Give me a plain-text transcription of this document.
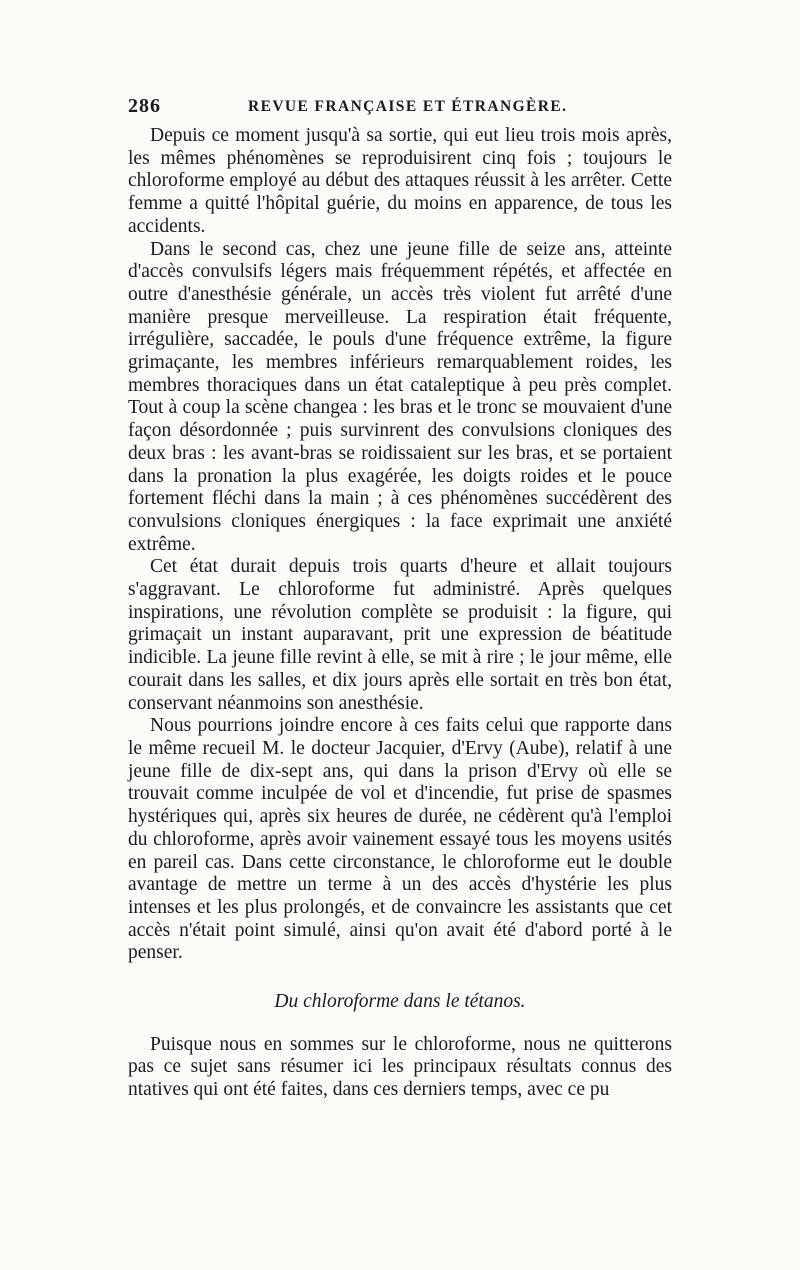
286	REVUE FRANÇAISE ET ÉTRANGÈRE.

Depuis ce moment jusqu'à sa sortie, qui eut lieu trois mois après, les mêmes phénomènes se reproduisirent cinq fois ; toujours le chloroforme employé au début des attaques réussit à les arrêter. Cette femme a quitté l'hôpital guérie, du moins en apparence, de tous les accidents.

Dans le second cas, chez une jeune fille de seize ans, atteinte d'accès convulsifs légers mais fréquemment répétés, et affectée en outre d'anesthésie générale, un accès très violent fut arrêté d'une manière presque merveilleuse. La respiration était fréquente, irrégulière, saccadée, le pouls d'une fréquence extrême, la figure grimaçante, les membres inférieurs remarquablement roides, les membres thoraciques dans un état cataleptique à peu près complet. Tout à coup la scène changea : les bras et le tronc se mouvaient d'une façon désordonnée ; puis survinrent des convulsions cloniques des deux bras : les avant-bras se roidissaient sur les bras, et se portaient dans la pronation la plus exagérée, les doigts roides et le pouce fortement fléchi dans la main ; à ces phénomènes succédèrent des convulsions cloniques énergiques : la face exprimait une anxiété extrême.

Cet état durait depuis trois quarts d'heure et allait toujours s'aggravant. Le chloroforme fut administré. Après quelques inspirations, une révolution complète se produisit : la figure, qui grimaçait un instant auparavant, prit une expression de béatitude indicible. La jeune fille revint à elle, se mit à rire ; le jour même, elle courait dans les salles, et dix jours après elle sortait en très bon état, conservant néanmoins son anesthésie.

Nous pourrions joindre encore à ces faits celui que rapporte dans le même recueil M. le docteur Jacquier, d'Ervy (Aube), relatif à une jeune fille de dix-sept ans, qui dans la prison d'Ervy où elle se trouvait comme inculpée de vol et d'incendie, fut prise de spasmes hystériques qui, après six heures de durée, ne cédèrent qu'à l'emploi du chloroforme, après avoir vainement essayé tous les moyens usités en pareil cas. Dans cette circonstance, le chloroforme eut le double avantage de mettre un terme à un des accès d'hystérie les plus intenses et les plus prolongés, et de convaincre les assistants que cet accès n'était point simulé, ainsi qu'on avait été d'abord porté à le penser.

Du chloroforme dans le tétanos.

Puisque nous en sommes sur le chloroforme, nous ne quitterons pas ce sujet sans résumer ici les principaux résultats connus des ntatives qui ont été faites, dans ces derniers temps, avec ce pu
